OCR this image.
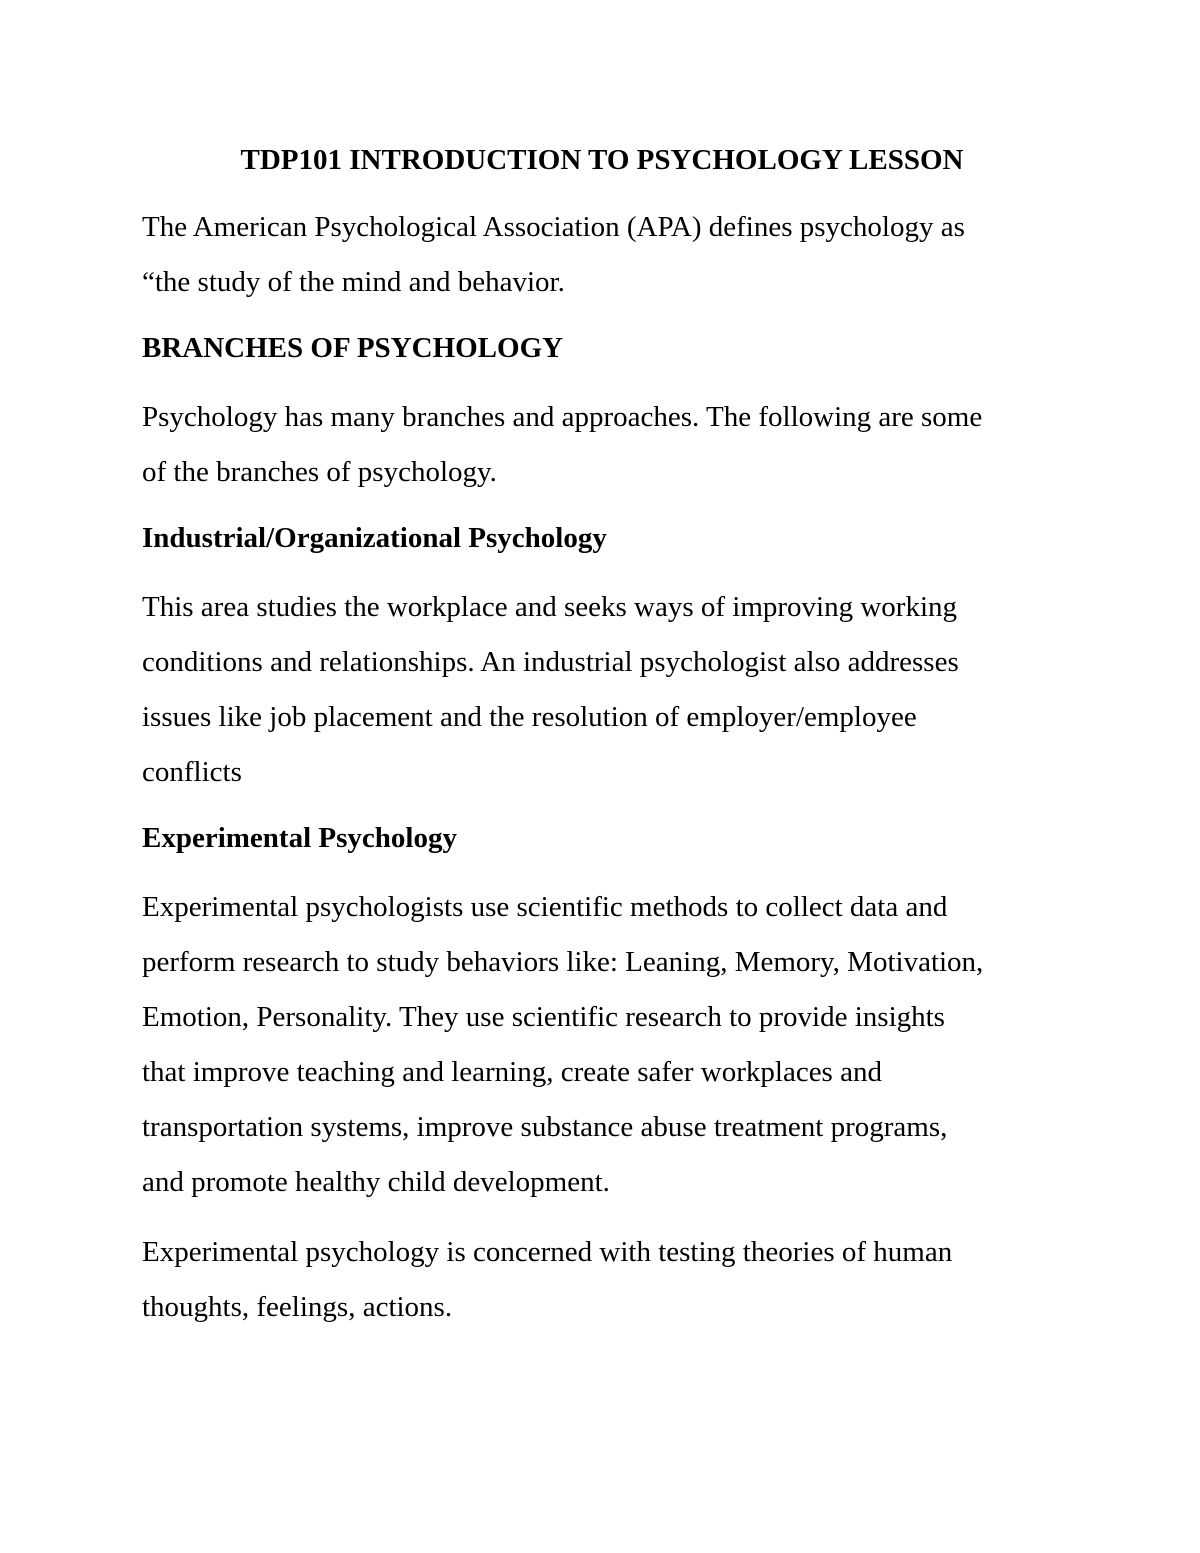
TDP101 INTRODUCTION TO PSYCHOLOGY LESSON
The American Psychological Association (APA) defines psychology as
“the study of the mind and behavior.
BRANCHES OF PSYCHOLOGY
Psychology has many branches and approaches. The following are some
of the branches of psychology.
Industrial/Organizational Psychology
This area studies the workplace and seeks ways of improving working
conditions and relationships. An industrial psychologist also addresses
issues like job placement and the resolution of employer/employee
conflicts
Experimental Psychology
Experimental psychologists use scientific methods to collect data and
perform research to study behaviors like: Leaning, Memory, Motivation,
Emotion, Personality. They use scientific research to provide insights
that improve teaching and learning, create safer workplaces and
transportation systems, improve substance abuse treatment programs,
and promote healthy child development.
Experimental psychology is concerned with testing theories of human
thoughts, feelings, actions.
